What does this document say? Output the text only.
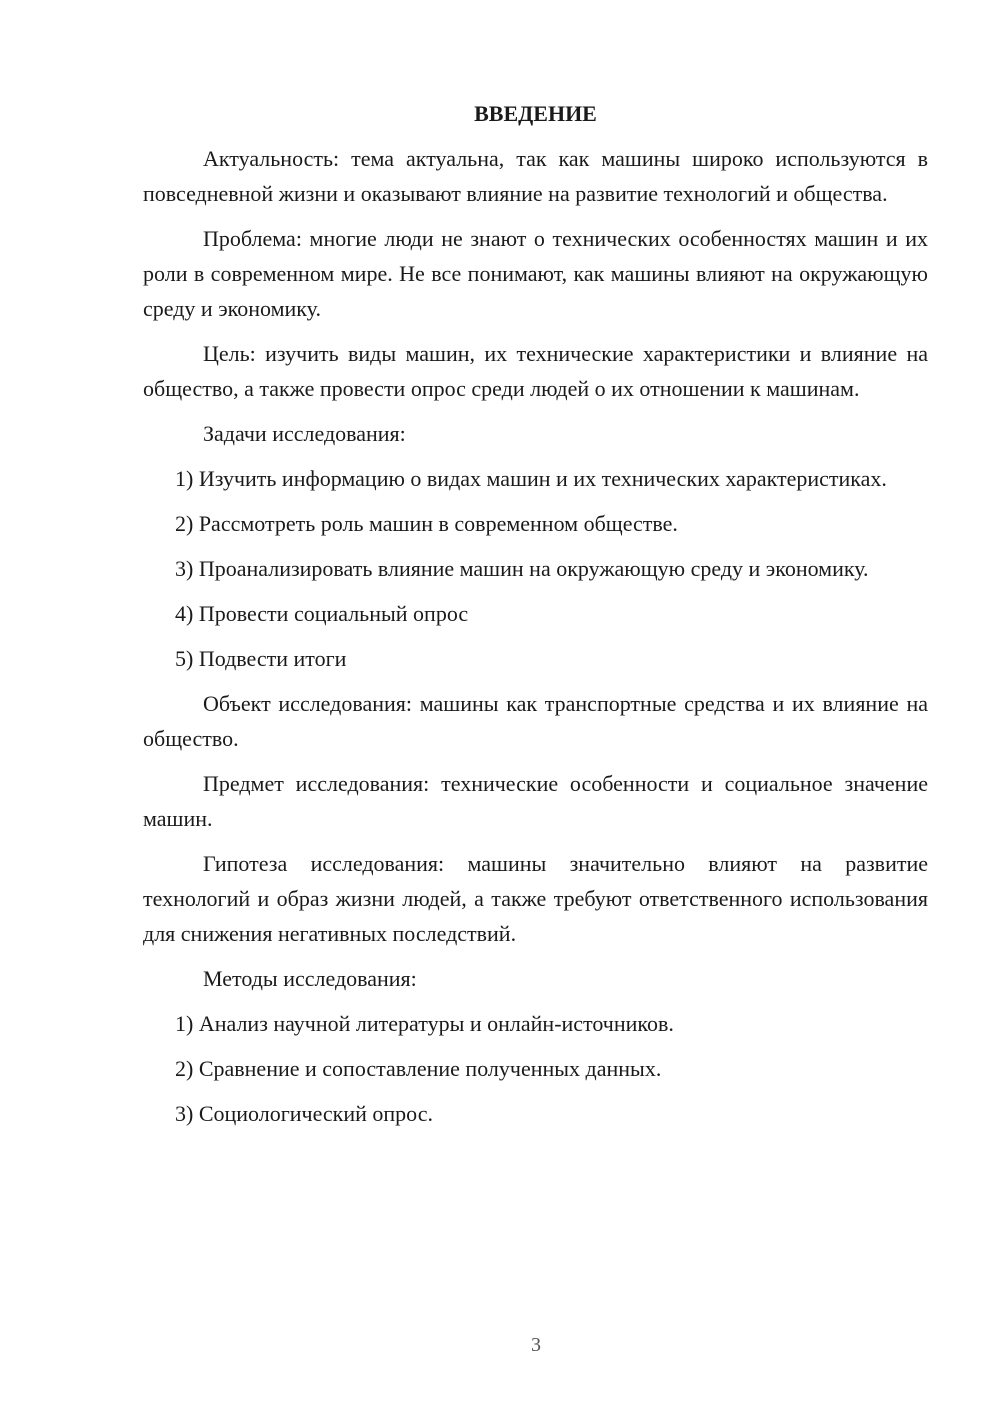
ВВЕДЕНИЕ

Актуальность: тема актуальна, так как машины широко используются в повседневной жизни и оказывают влияние на развитие технологий и общества.

Проблема: многие люди не знают о технических особенностях машин и их роли в современном мире. Не все понимают, как машины влияют на окружающую среду и экономику.

Цель: изучить виды машин, их технические характеристики и влияние на общество, а также провести опрос среди людей о их отношении к машинам.

Задачи исследования:

1) Изучить информацию о видах машин и их технических характеристиках.

2) Рассмотреть роль машин в современном обществе.

3) Проанализировать влияние машин на окружающую среду и экономику.

4) Провести социальный опрос

5) Подвести итоги

Объект исследования: машины как транспортные средства и их влияние на общество.

Предмет исследования: технические особенности и социальное значение машин.

Гипотеза исследования: машины значительно влияют на развитие технологий и образ жизни людей, а также требуют ответственного использования для снижения негативных последствий.

Методы исследования:

1) Анализ научной литературы и онлайн-источников.

2) Сравнение и сопоставление полученных данных.

3) Социологический опрос.

3
